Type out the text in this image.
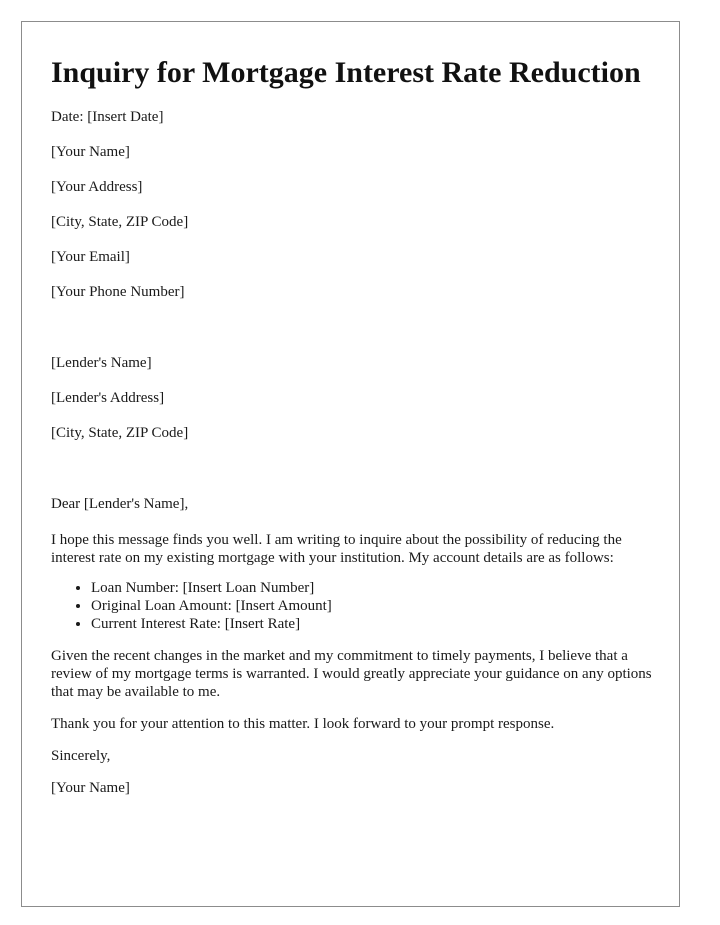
Inquiry for Mortgage Interest Rate Reduction

Date: [Insert Date]

[Your Name]

[Your Address]

[City, State, ZIP Code]

[Your Email]

[Your Phone Number]

[Lender's Name]

[Lender's Address]

[City, State, ZIP Code]

Dear [Lender's Name],

I hope this message finds you well. I am writing to inquire about the possibility of reducing the interest rate on my existing mortgage with your institution. My account details are as follows:

• Loan Number: [Insert Loan Number]
• Original Loan Amount: [Insert Amount]
• Current Interest Rate: [Insert Rate]

Given the recent changes in the market and my commitment to timely payments, I believe that a review of my mortgage terms is warranted. I would greatly appreciate your guidance on any options that may be available to me.

Thank you for your attention to this matter. I look forward to your prompt response.

Sincerely,

[Your Name]
